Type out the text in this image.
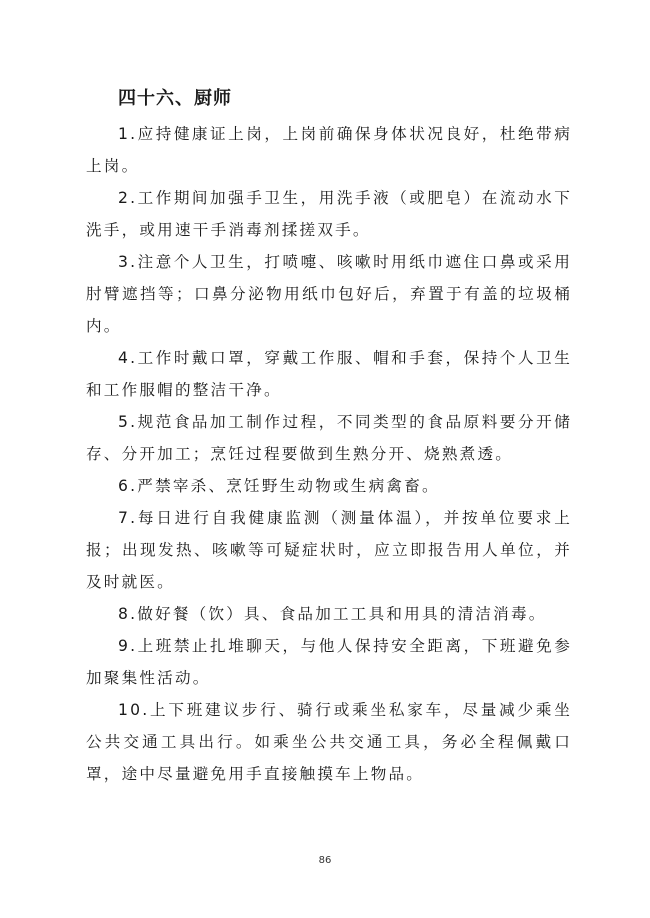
四十六、厨师

1.应持健康证上岗，上岗前确保身体状况良好，杜绝带病上岗。

2.工作期间加强手卫生，用洗手液（或肥皂）在流动水下洗手，或用速干手消毒剂揉搓双手。

3.注意个人卫生，打喷嚏、咳嗽时用纸巾遮住口鼻或采用肘臂遮挡等；口鼻分泌物用纸巾包好后，弃置于有盖的垃圾桶内。

4.工作时戴口罩，穿戴工作服、帽和手套，保持个人卫生和工作服帽的整洁干净。

5.规范食品加工制作过程，不同类型的食品原料要分开储存、分开加工；烹饪过程要做到生熟分开、烧熟煮透。

6.严禁宰杀、烹饪野生动物或生病禽畜。

7.每日进行自我健康监测（测量体温），并按单位要求上报；出现发热、咳嗽等可疑症状时，应立即报告用人单位，并及时就医。

8.做好餐（饮）具、食品加工工具和用具的清洁消毒。

9.上班禁止扎堆聊天，与他人保持安全距离，下班避免参加聚集性活动。

10.上下班建议步行、骑行或乘坐私家车，尽量减少乘坐公共交通工具出行。如乘坐公共交通工具，务必全程佩戴口罩，途中尽量避免用手直接触摸车上物品。

86
